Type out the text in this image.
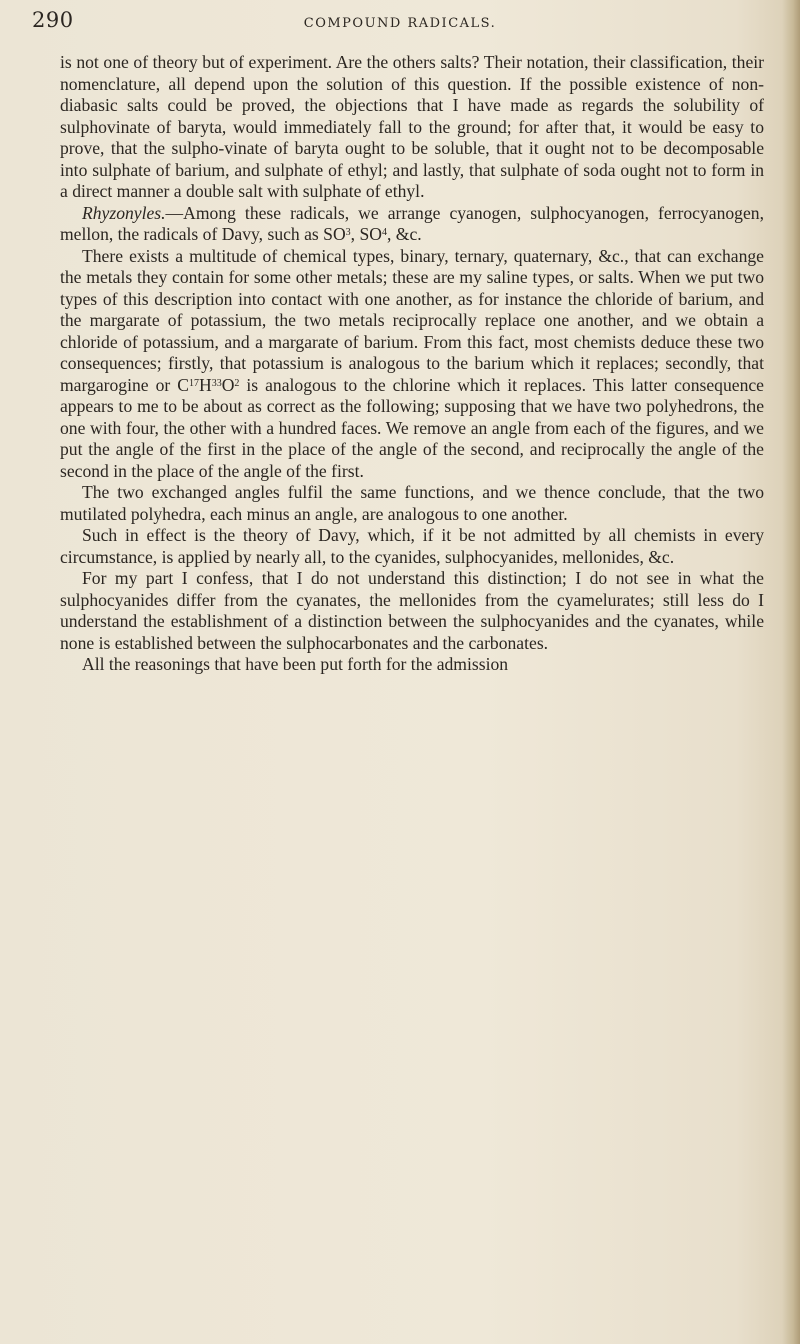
290	COMPOUND RADICALS.

is not one of theory but of experiment. Are the others salts? Their notation, their classification, their nomenclature, all depend upon the solution of this question. If the possible existence of non-diabasic salts could be proved, the objections that I have made as regards the solubility of sulphovinate of baryta, would immediately fall to the ground; for after that, it would be easy to prove, that the sulpho-vinate of baryta ought to be soluble, that it ought not to be decomposable into sulphate of barium, and sulphate of ethyl; and lastly, that sulphate of soda ought not to form in a direct manner a double salt with sulphate of ethyl.

Rhyzonyles.—Among these radicals, we arrange cyanogen, sulphocyanogen, ferrocyanogen, mellon, the radicals of Davy, such as $SO^3$, $SO^4$, &c.

There exists a multitude of chemical types, binary, ternary, quaternary, &c., that can exchange the metals they contain for some other metals; these are my saline types, or salts. When we put two types of this description into contact with one another, as for instance the chloride of barium, and the margarate of potassium, the two metals reciprocally replace one another, and we obtain a chloride of potassium, and a margarate of barium. From this fact, most chemists deduce these two consequences; firstly, that potassium is analogous to the barium which it replaces; secondly, that margarogine or $C^{17}H^{33}O^2$ is analogous to the chlorine which it replaces. This latter consequence appears to me to be about as correct as the following; supposing that we have two polyhedrons, the one with four, the other with a hundred faces. We remove an angle from each of the figures, and we put the angle of the first in the place of the angle of the second, and reciprocally the angle of the second in the place of the angle of the first.

The two exchanged angles fulfil the same functions, and we thence conclude, that the two mutilated polyhedra, each minus an angle, are analogous to one another.

Such in effect is the theory of Davy, which, if it be not admitted by all chemists in every circumstance, is applied by nearly all, to the cyanides, sulphocyanides, mellonides, &c.

For my part I confess, that I do not understand this distinction; I do not see in what the sulphocyanides differ from the cyanates, the mellonides from the cyamelurates; still less do I understand the establishment of a distinction between the sulphocyanides and the cyanates, while none is established between the sulphocarbonates and the carbonates.

All the reasonings that have been put forth for the admission
